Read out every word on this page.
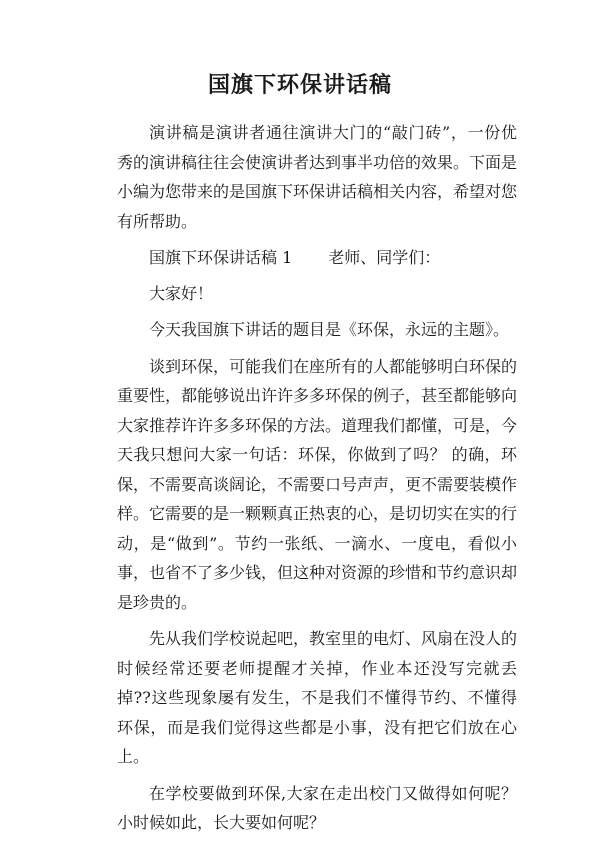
国旗下环保讲话稿

演讲稿是演讲者通往演讲大门的“敲门砖”，一份优秀的演讲稿往往会使演讲者达到事半功倍的效果。下面是小编为您带来的是国旗下环保讲话稿相关内容，希望对您有所帮助。

国旗下环保讲话稿 1 老师、同学们：

大家好！

今天我国旗下讲话的题目是《环保，永远的主题》。

谈到环保，可能我们在座所有的人都能够明白环保的重要性，都能够说出许许多多环保的例子，甚至都能够向大家推荐许许多多环保的方法。道理我们都懂，可是，今天我只想问大家一句话：环保，你做到了吗？ 的确，环保，不需要高谈阔论，不需要口号声声，更不需要装模作样。它需要的是一颗颗真正热衷的心，是切切实在实的行动，是“做到”。节约一张纸、一滴水、一度电，看似小事，也省不了多少钱，但这种对资源的珍惜和节约意识却是珍贵的。

先从我们学校说起吧，教室里的电灯、风扇在没人的时候经常还要老师提醒才关掉，作业本还没写完就丢掉??这些现象屡有发生，不是我们不懂得节约、不懂得环保，而是我们觉得这些都是小事，没有把它们放在心上。

在学校要做到环保,大家在走出校门又做得如何呢？小时候如此，长大要如何呢？
